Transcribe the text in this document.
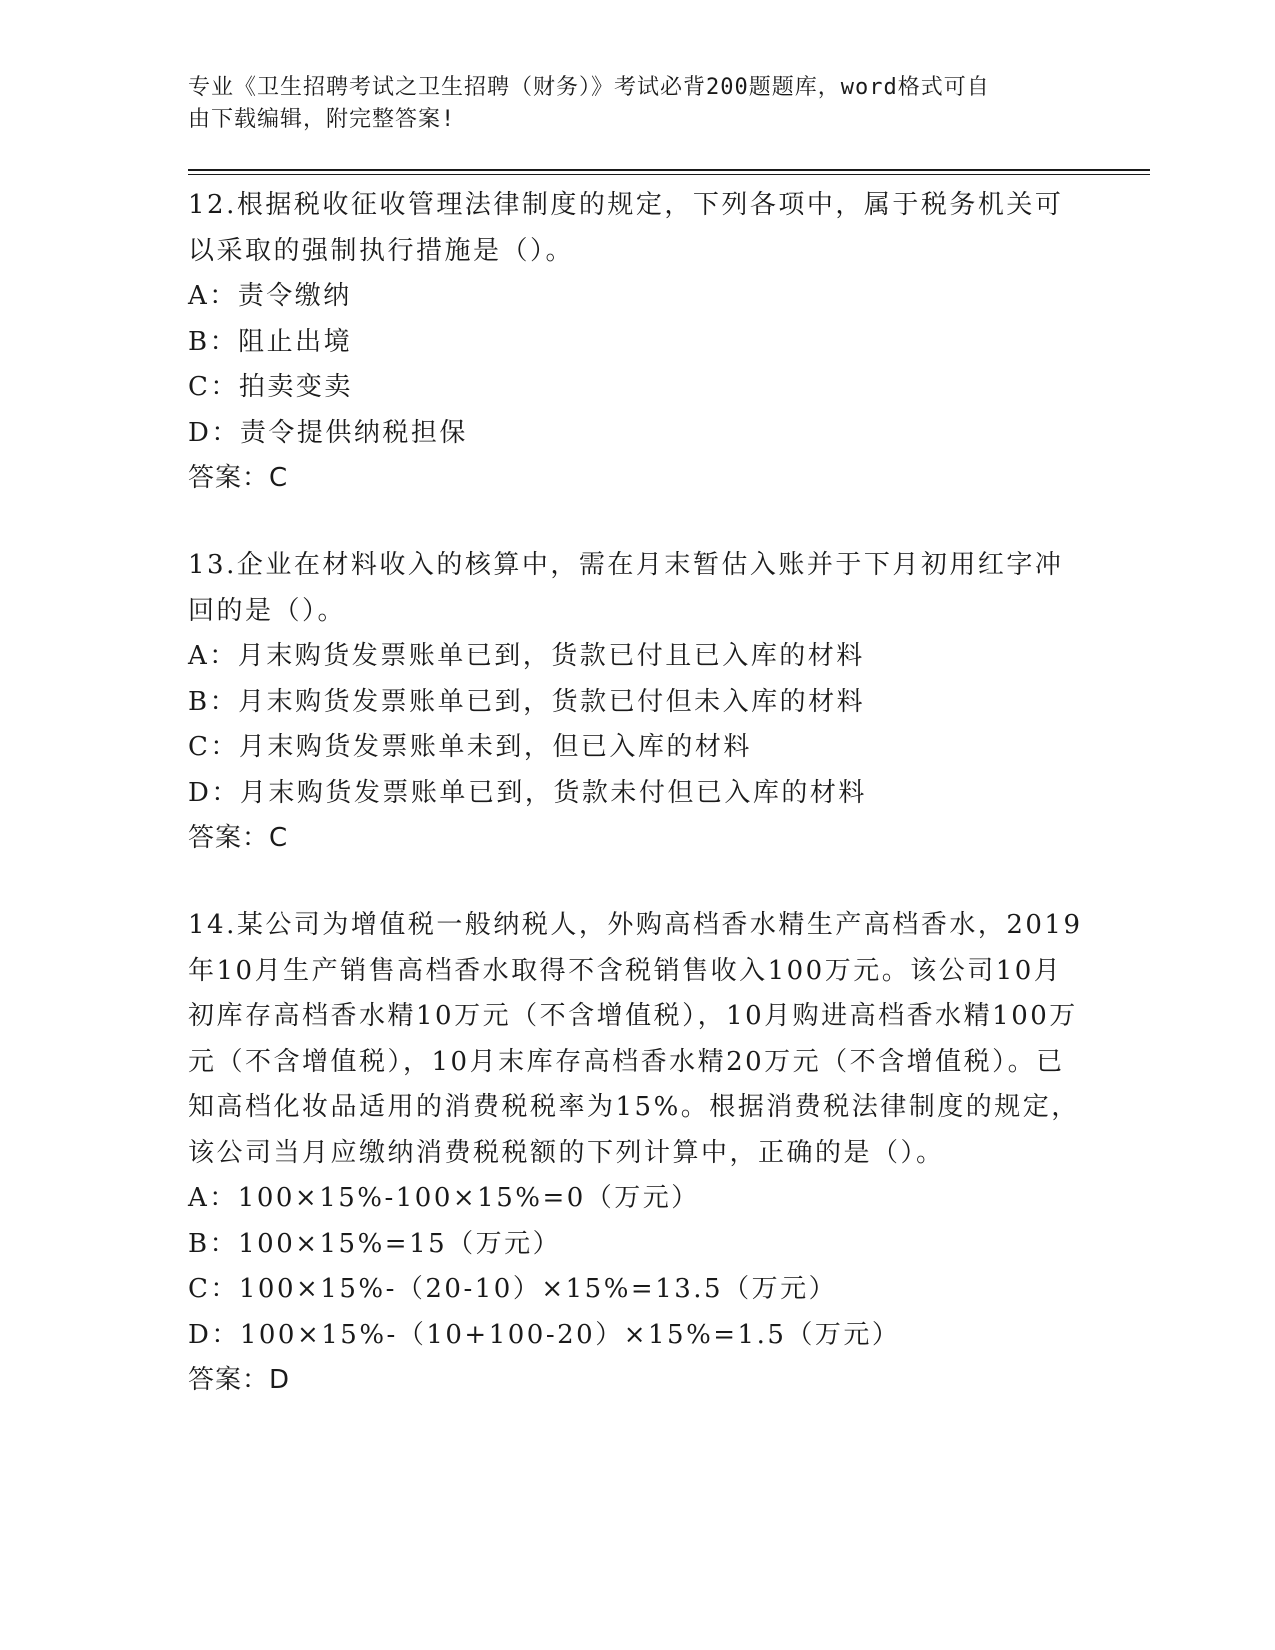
专业《卫生招聘考试之卫生招聘（财务）》考试必背200题题库，word格式可自
由下载编辑，附完整答案!

12.根据税收征收管理法律制度的规定，下列各项中，属于税务机关可以采取的强制执行措施是（）。

A：责令缴纳

B：阻止出境

C：拍卖变卖

D：责令提供纳税担保

答案：C

13.企业在材料收入的核算中，需在月末暂估入账并于下月初用红字冲回的是（）。

A：月末购货发票账单已到，货款已付且已入库的材料

B：月末购货发票账单已到，货款已付但未入库的材料

C：月末购货发票账单未到，但已入库的材料

D：月末购货发票账单已到，货款未付但已入库的材料

答案：C

14.某公司为增值税一般纳税人，外购高档香水精生产高档香水，2019年10月生产销售高档香水取得不含税销售收入100万元。该公司10月初库存高档香水精10万元（不含增值税），10月购进高档香水精100万元（不含增值税），10月末库存高档香水精20万元（不含增值税）。已知高档化妆品适用的消费税税率为15%。根据消费税法律制度的规定，该公司当月应缴纳消费税税额的下列计算中，正确的是（）。

A：100×15%-100×15%=0（万元）

B：100×15%=15（万元）

C：100×15%-（20-10）×15%=13.5（万元）

D：100×15%-（10+100-20）×15%=1.5（万元）

答案：D
